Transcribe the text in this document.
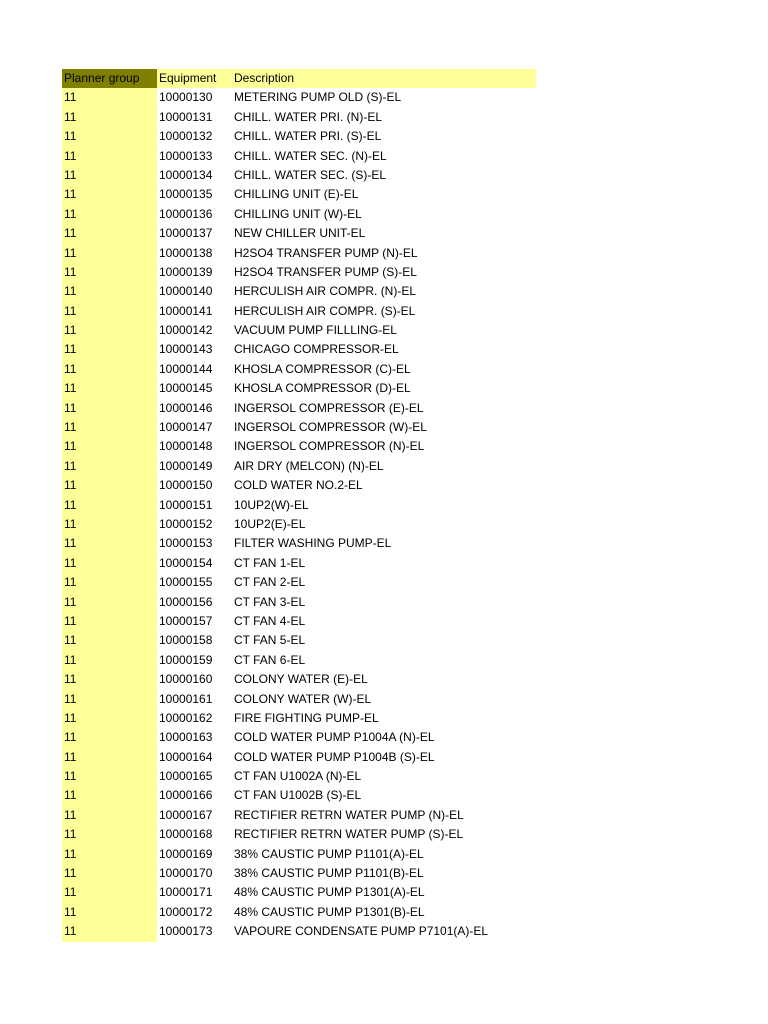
Planner group	Equipment	Description
11	10000130	METERING PUMP OLD (S)-EL
11	10000131	CHILL. WATER PRI. (N)-EL
11	10000132	CHILL. WATER PRI. (S)-EL
11	10000133	CHILL. WATER SEC. (N)-EL
11	10000134	CHILL. WATER SEC. (S)-EL
11	10000135	CHILLING UNIT (E)-EL
11	10000136	CHILLING UNIT (W)-EL
11	10000137	NEW CHILLER UNIT-EL
11	10000138	H2SO4 TRANSFER PUMP (N)-EL
11	10000139	H2SO4 TRANSFER PUMP (S)-EL
11	10000140	HERCULISH AIR COMPR. (N)-EL
11	10000141	HERCULISH AIR COMPR. (S)-EL
11	10000142	VACUUM PUMP FILLLING-EL
11	10000143	CHICAGO COMPRESSOR-EL
11	10000144	KHOSLA COMPRESSOR (C)-EL
11	10000145	KHOSLA COMPRESSOR (D)-EL
11	10000146	INGERSOL COMPRESSOR (E)-EL
11	10000147	INGERSOL COMPRESSOR (W)-EL
11	10000148	INGERSOL COMPRESSOR (N)-EL
11	10000149	AIR DRY (MELCON) (N)-EL
11	10000150	COLD WATER NO.2-EL
11	10000151	10UP2(W)-EL
11	10000152	10UP2(E)-EL
11	10000153	FILTER WASHING PUMP-EL
11	10000154	CT FAN 1-EL
11	10000155	CT FAN 2-EL
11	10000156	CT FAN 3-EL
11	10000157	CT FAN 4-EL
11	10000158	CT FAN 5-EL
11	10000159	CT FAN 6-EL
11	10000160	COLONY WATER (E)-EL
11	10000161	COLONY WATER (W)-EL
11	10000162	FIRE FIGHTING PUMP-EL
11	10000163	COLD WATER PUMP P1004A (N)-EL
11	10000164	COLD WATER PUMP P1004B (S)-EL
11	10000165	CT FAN U1002A (N)-EL
11	10000166	CT FAN U1002B (S)-EL
11	10000167	RECTIFIER RETRN WATER PUMP (N)-EL
11	10000168	RECTIFIER RETRN WATER PUMP (S)-EL
11	10000169	38% CAUSTIC PUMP P1101(A)-EL
11	10000170	38% CAUSTIC PUMP P1101(B)-EL
11	10000171	48% CAUSTIC PUMP P1301(A)-EL
11	10000172	48% CAUSTIC PUMP P1301(B)-EL
11	10000173	VAPOURE CONDENSATE PUMP P7101(A)-EL
